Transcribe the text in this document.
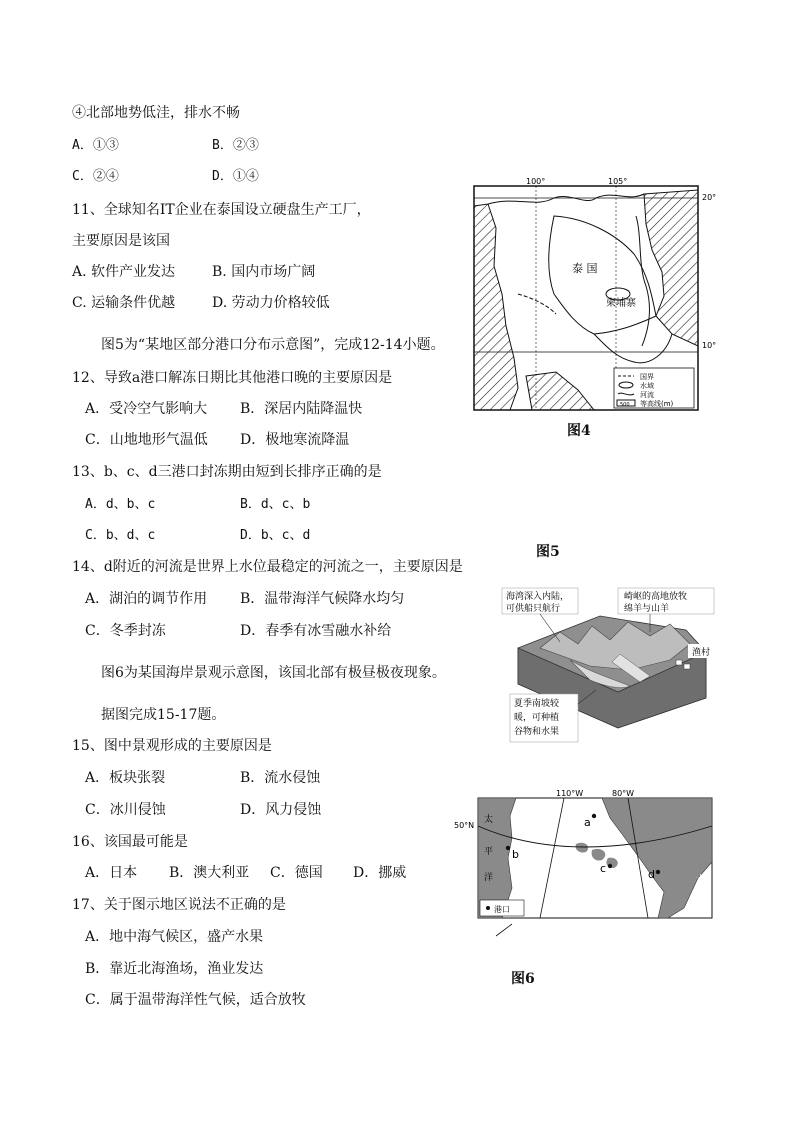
④北部地势低洼，排水不畅
A．①③	B．②③
C．②④	D．①④
11、全球知名IT企业在泰国设立硬盘生产工厂，
主要原因是该国
A. 软件产业发达	B. 国内市场广阔
C. 运输条件优越	D. 劳动力价格较低
图5为“某地区部分港口分布示意图”，完成12-14小题。
12、导致a港口解冻日期比其他港口晚的主要原因是
A．受冷空气影响大 B．深居内陆降温快
C．山地地形气温低 D．极地寒流降温
13、b、c、d三港口封冻期由短到长排序正确的是
A．d、b、c	B．d、c、b
C．b、d、c	D．b、c、d
14、d附近的河流是世界上水位最稳定的河流之一，主要原因是
A．湖泊的调节作用 B．温带海洋气候降水均匀
C．冬季封冻	D．春季有冰雪融水补给
图6为某国海岸景观示意图，该国北部有极昼极夜现象。
据图完成15-17题。
15、图中景观形成的主要原因是
A．板块张裂	B．流水侵蚀
C．冰川侵蚀	D．风力侵蚀
16、该国最可能是
A．日本 B．澳大利亚 C．德国 D．挪威
17、关于图示地区说法不正确的是
A．地中海气候区，盛产水果
B．靠近北海渔场，渔业发达
C．属于温带海洋性气候，适合放牧
100°	105°
20°
10°
泰 国
柬埔寨
500
国界
水域
河流
等高线(m)
图4
图5
海湾深入内陆，
可供船只航行
崎岖的高地放牧
绵羊与山羊
渔村
夏季南坡较
暖，可种植
谷物和水果
110°W	80°W
50°N
太
平
洋	大
西
洋
a
b
c	d
港口
图6
